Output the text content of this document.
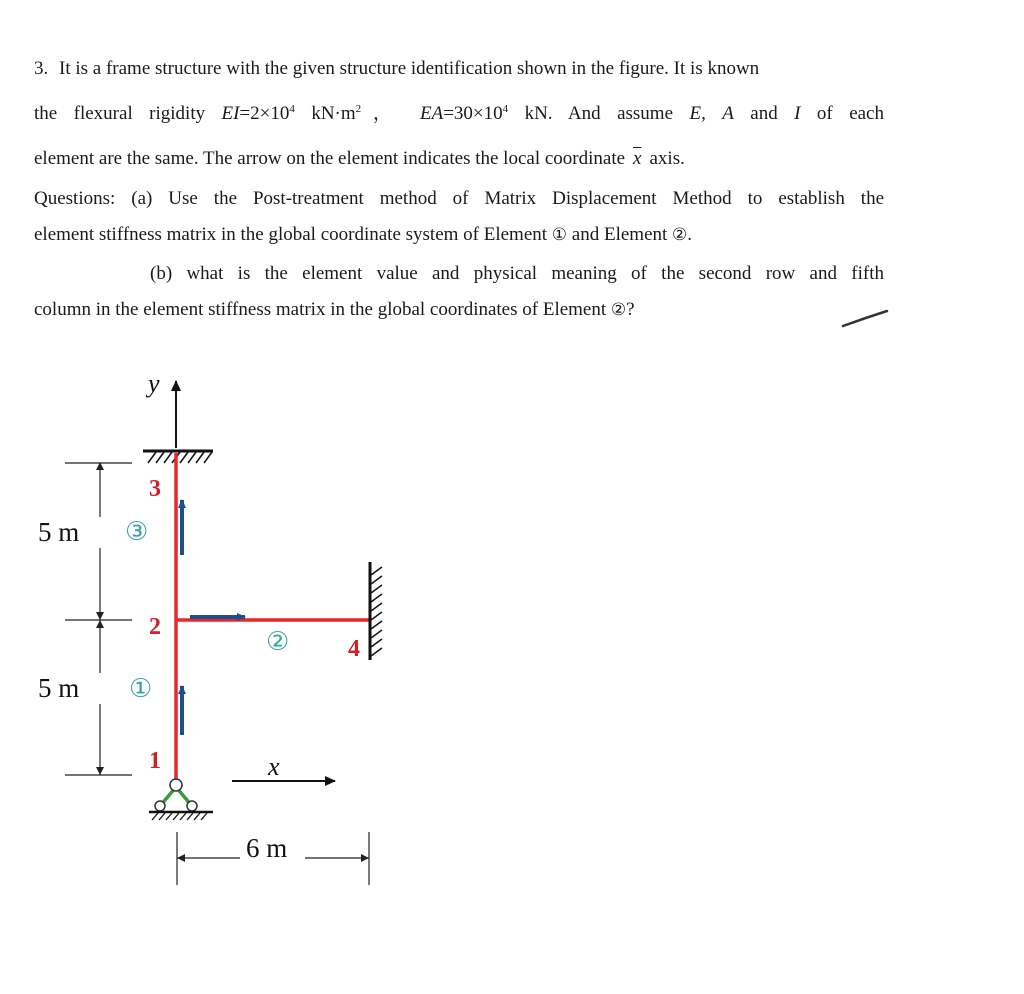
3. It is a frame structure with the given structure identification shown in the figure. It is known
the flexural rigidity $EI=2\times 10^4$ $kN\cdot m^2$， $EA=30\times 10^4$ kN. And assume E, A and I of each
element are the same. The arrow on the element indicates the local coordinate $\overline{x}$ axis.
Questions: (a) Use the Post-treatment method of Matrix Displacement Method to establish the
element stiffness matrix in the global coordinate system of Element ① and Element ②.
(b) what is the element value and physical meaning of the second row and fifth
column in the element stiffness matrix in the global coordinates of Element ②?
y
3
2
1
4
③
①
②
5 m
5 m
x
6 m
